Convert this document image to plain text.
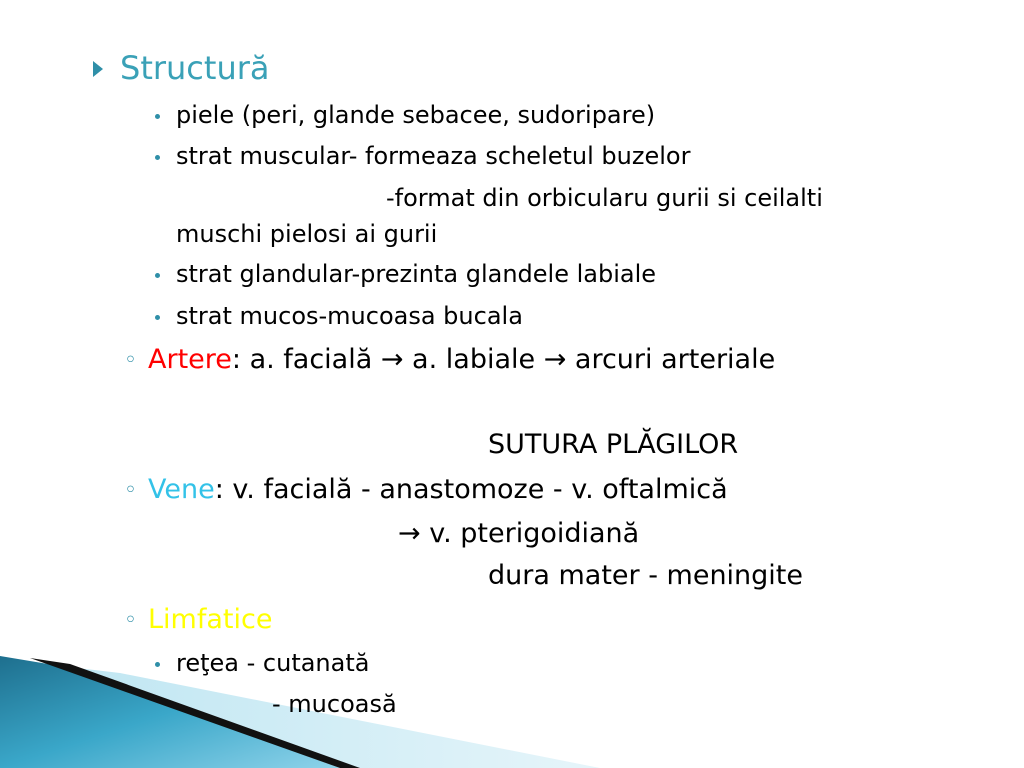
Structură
piele (peri, glande sebacee, sudoripare)
strat muscular- formeaza scheletul buzelor
-format din orbicularu gurii si ceilalti
muschi pielosi ai gurii
strat glandular-prezinta glandele labiale
strat mucos-mucoasa bucala
◦ Artere: a. facială → a. labiale → arcuri arteriale
SUTURA PLĂGILOR
◦ Vene: v. facială - anastomoze - v. oftalmică
→ v. pterigoidiană
dura mater - meningite
◦ Limfatice
reţea - cutanată
- mucoasă
